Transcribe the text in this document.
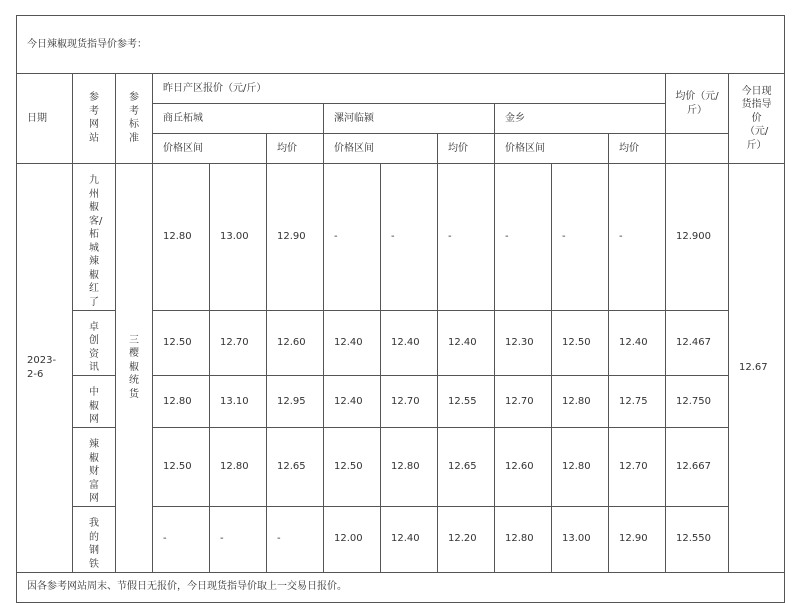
今日辣椒现货指导价参考：													
日期	参考网站	参考标准	昨日产区报价（元/斤）									均价（元/斤）	今日现货指导价（元/斤）
			商丘柘城			漯河临颍			金乡				
			价格区间		均价	价格区间		均价	价格区间		均价		
2023-2-6	九州椒客/柘城辣椒红了	三樱椒统货	12.80	13.00	12.90	-	-	-	-	-	-	12.900	12.67
	卓创资讯		12.50	12.70	12.60	12.40	12.40	12.40	12.30	12.50	12.40	12.467	
	中椒网		12.80	13.10	12.95	12.40	12.70	12.55	12.70	12.80	12.75	12.750	
	辣椒财富网		12.50	12.80	12.65	12.50	12.80	12.65	12.60	12.80	12.70	12.667	
	我的钢铁		-	-	-	12.00	12.40	12.20	12.80	13.00	12.90	12.550	
因各参考网站周末、节假日无报价，今日现货指导价取上一交易日报价。													
